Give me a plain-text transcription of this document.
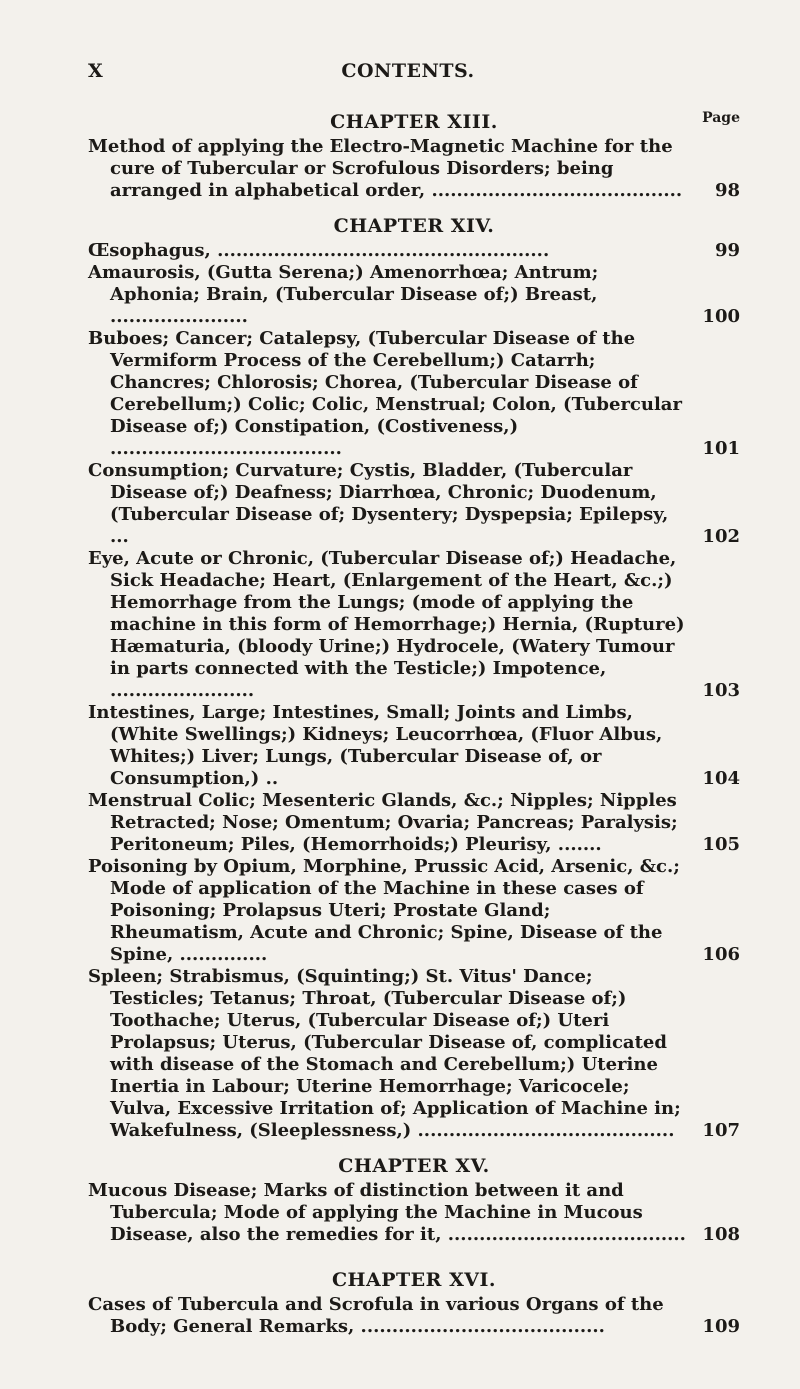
X	CONTENTS.
CHAPTER XIII.	Page
Method of applying the Electro-Magnetic Machine for the cure of Tubercular or Scrofulous Disorders; being arranged in alphabetical order, ........................................ 98
CHAPTER XIV.
Œsophagus, .....................................................	99
Amaurosis, (Gutta Serena;) Amenorrhœa; Antrum; Aphonia; Brain, (Tubercular Disease of;) Breast, ......................	100
Buboes; Cancer; Catalepsy, (Tubercular Disease of the Vermiform Process of the Cerebellum;) Catarrh; Chancres; Chlorosis; Chorea, (Tubercular Disease of Cerebellum;) Colic; Colic, Menstrual; Colon, (Tubercular Disease of;) Constipation, (Costiveness,) .....................................	101
Consumption; Curvature; Cystis, Bladder, (Tubercular Disease of;) Deafness; Diarrhœa, Chronic; Duodenum, (Tubercular Disease of; Dysentery; Dyspepsia; Epilepsy, ...	102
Eye, Acute or Chronic, (Tubercular Disease of;) Headache, Sick Headache; Heart, (Enlargement of the Heart, &c.;) Hemorrhage from the Lungs; (mode of applying the machine in this form of Hemorrhage;) Hernia, (Rupture) Hæmaturia, (bloody Urine;) Hydrocele, (Watery Tumour in parts connected with the Testicle;) Impotence, .......................	103
Intestines, Large; Intestines, Small; Joints and Limbs, (White Swellings;) Kidneys; Leucorrhœa, (Fluor Albus, Whites;) Liver; Lungs, (Tubercular Disease of, or Consumption,) ..	104
Menstrual Colic; Mesenteric Glands, &c.; Nipples; Nipples Retracted; Nose; Omentum; Ovaria; Pancreas; Paralysis; Peritoneum; Piles, (Hemorrhoids;) Pleurisy, .......	105
Poisoning by Opium, Morphine, Prussic Acid, Arsenic, &c.; Mode of application of the Machine in these cases of Poisoning; Prolapsus Uteri; Prostate Gland; Rheumatism, Acute and Chronic; Spine, Disease of the Spine, ..............	106
Spleen; Strabismus, (Squinting;) St. Vitus' Dance; Testicles; Tetanus; Throat, (Tubercular Disease of;) Toothache; Uterus, (Tubercular Disease of;) Uteri Prolapsus; Uterus, (Tubercular Disease of, complicated with disease of the Stomach and Cerebellum;) Uterine Inertia in Labour; Uterine Hemorrhage; Varicocele; Vulva, Excessive Irritation of; Application of Machine in; Wakefulness, (Sleeplessness,) ......................................... 107
CHAPTER XV.
Mucous Disease; Marks of distinction between it and Tubercula; Mode of applying the Machine in Mucous Disease, also the remedies for it, ...................................... 108
CHAPTER XVI.
Cases of Tubercula and Scrofula in various Organs of the Body; General Remarks, .......................................	109
